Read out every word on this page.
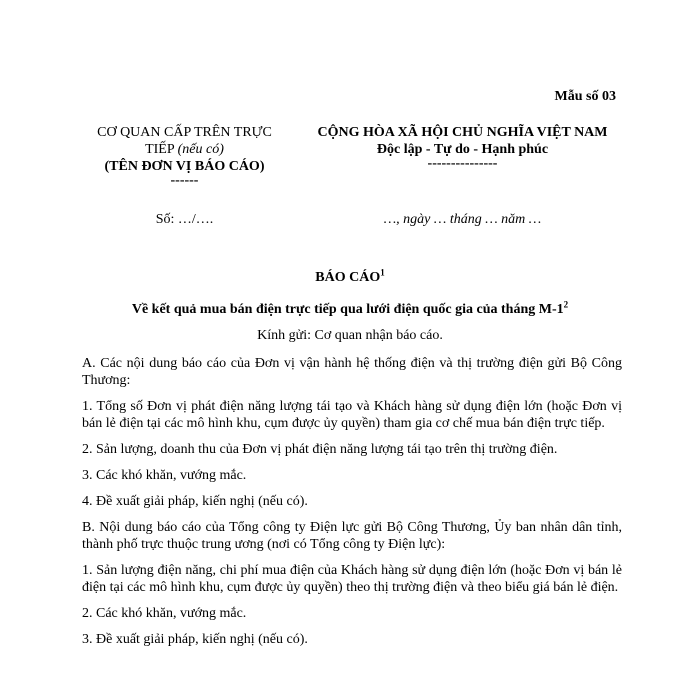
Mẫu số 03
CƠ QUAN CẤP TRÊN TRỰC TIẾP (nếu có)
(TÊN ĐƠN VỊ BÁO CÁO)
------
CỘNG HÒA XÃ HỘI CHỦ NGHĨA VIỆT NAM
Độc lập - Tự do - Hạnh phúc
---------------
Số: …/….	…, ngày … tháng … năm …
BÁO CÁO$^1$
Về kết quả mua bán điện trực tiếp qua lưới điện quốc gia của tháng $M-1^2$
Kính gửi: Cơ quan nhận báo cáo.

A. Các nội dung báo cáo của Đơn vị vận hành hệ thống điện và thị trường điện gửi Bộ Công Thương:

1. Tổng số Đơn vị phát điện năng lượng tái tạo và Khách hàng sử dụng điện lớn (hoặc Đơn vị bán lẻ điện tại các mô hình khu, cụm được ủy quyền) tham gia cơ chế mua bán điện trực tiếp.

2. Sản lượng, doanh thu của Đơn vị phát điện năng lượng tái tạo trên thị trường điện.

3. Các khó khăn, vướng mắc.

4. Đề xuất giải pháp, kiến nghị (nếu có).

B. Nội dung báo cáo của Tổng công ty Điện lực gửi Bộ Công Thương, Ủy ban nhân dân tỉnh, thành phố trực thuộc trung ương (nơi có Tổng công ty Điện lực):

1. Sản lượng điện năng, chi phí mua điện của Khách hàng sử dụng điện lớn (hoặc Đơn vị bán lẻ điện tại các mô hình khu, cụm được ủy quyền) theo thị trường điện và theo biểu giá bán lẻ điện.

2. Các khó khăn, vướng mắc.

3. Đề xuất giải pháp, kiến nghị (nếu có).
